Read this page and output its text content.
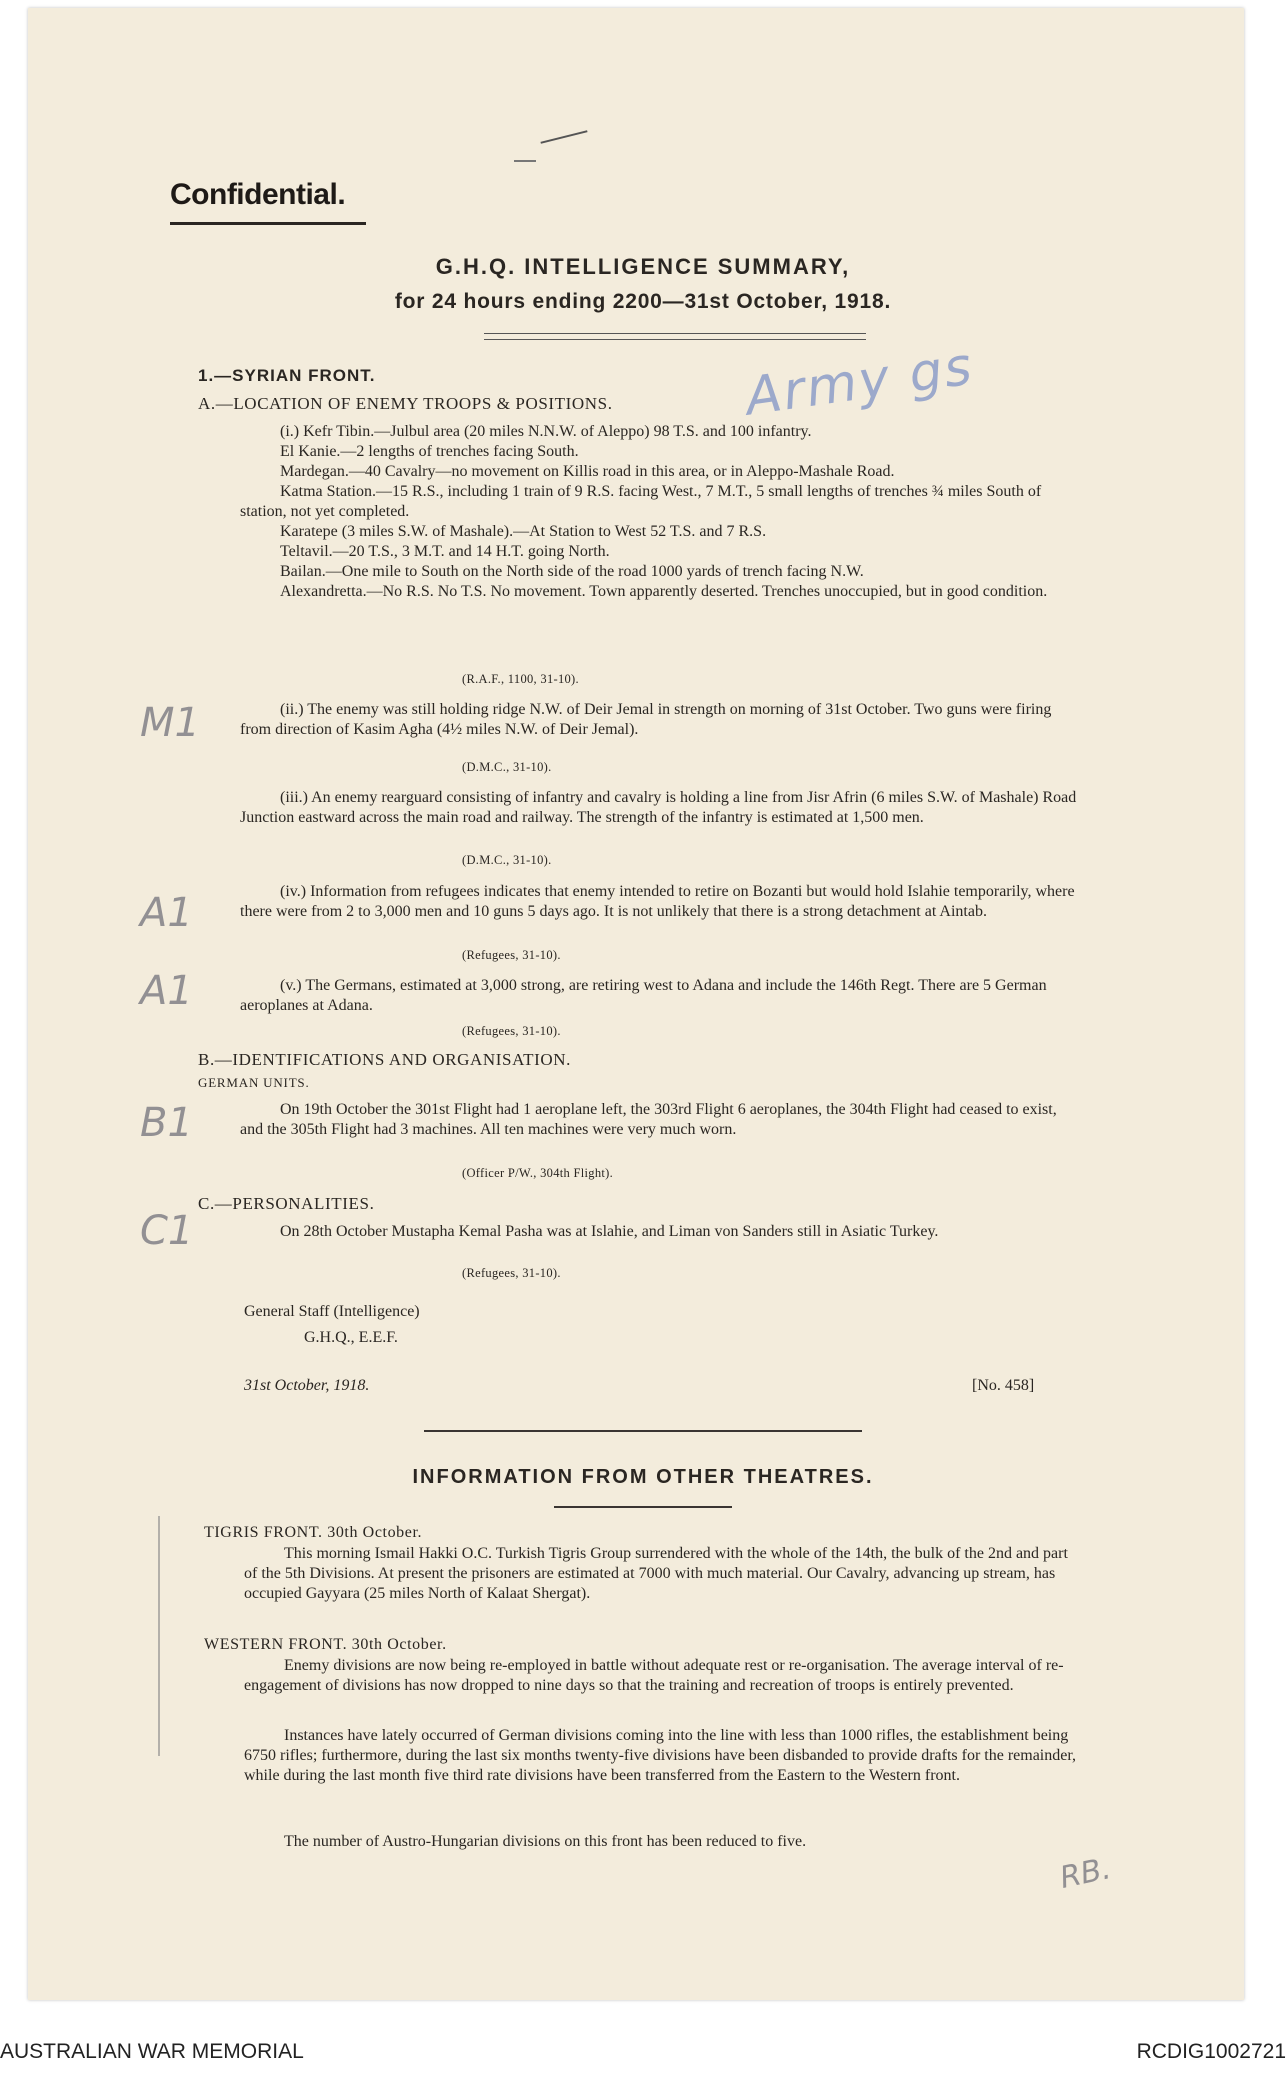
Confidential.
G.H.Q. INTELLIGENCE SUMMARY,
for 24 hours ending 2200—31st October, 1918.
Army gs
1.—SYRIAN FRONT.
A.—LOCATION OF ENEMY TROOPS & POSITIONS.
(i.) Kefr Tibin.—Julbul area (20 miles N.N.W. of Aleppo) 98 T.S. and 100 infantry.
El Kanie.—2 lengths of trenches facing South.
Mardegan.—40 Cavalry—no movement on Killis road in this area, or in Aleppo-Mashale Road.
Katma Station.—15 R.S., including 1 train of 9 R.S. facing West., 7 M.T., 5 small lengths of trenches ¾ miles South of station, not yet completed.
Karatepe (3 miles S.W. of Mashale).—At Station to West 52 T.S. and 7 R.S.
Teltavil.—20 T.S., 3 M.T. and 14 H.T. going North.
Bailan.—One mile to South on the North side of the road 1000 yards of trench facing N.W.
Alexandretta.—No R.S. No T.S. No movement. Town apparently deserted. Trenches unoccupied, but in good condition.
(R.A.F., 1100, 31-10).
M1	(ii.) The enemy was still holding ridge N.W. of Deir Jemal in strength on morning of 31st October. Two guns were firing from direction of Kasim Agha (4½ miles N.W. of Deir Jemal).
(D.M.C., 31-10).
(iii.) An enemy rearguard consisting of infantry and cavalry is holding a line from Jisr Afrin (6 miles S.W. of Mashale) Road Junction eastward across the main road and railway. The strength of the infantry is estimated at 1,500 men.
(D.M.C., 31-10).
A1	(iv.) Information from refugees indicates that enemy intended to retire on Bozanti but would hold Islahie temporarily, where there were from 2 to 3,000 men and 10 guns 5 days ago. It is not unlikely that there is a strong detachment at Aintab.
(Refugees, 31-10).
A1	(v.) The Germans, estimated at 3,000 strong, are retiring west to Adana and include the 146th Regt. There are 5 German aeroplanes at Adana.
(Refugees, 31-10).
B.—IDENTIFICATIONS AND ORGANISATION.
GERMAN UNITS.
B1	On 19th October the 301st Flight had 1 aeroplane left, the 303rd Flight 6 aeroplanes, the 304th Flight had ceased to exist, and the 305th Flight had 3 machines. All ten machines were very much worn.
(Officer P/W., 304th Flight).
C.—PERSONALITIES.
C1	On 28th October Mustapha Kemal Pasha was at Islahie, and Liman von Sanders still in Asiatic Turkey.
(Refugees, 31-10).
General Staff (Intelligence)
G.H.Q., E.E.F.
31st October, 1918.	[No. 458]
INFORMATION FROM OTHER THEATRES.
TIGRIS FRONT. 30th October.
This morning Ismail Hakki O.C. Turkish Tigris Group surrendered with the whole of the 14th, the bulk of the 2nd and part of the 5th Divisions. At present the prisoners are estimated at 7000 with much material. Our Cavalry, advancing up stream, has occupied Gayyara (25 miles North of Kalaat Shergat).
WESTERN FRONT. 30th October.
Enemy divisions are now being re-employed in battle without adequate rest or re-organisation. The average interval of re-engagement of divisions has now dropped to nine days so that the training and recreation of troops is entirely prevented.
Instances have lately occurred of German divisions coming into the line with less than 1000 rifles, the establishment being 6750 rifles; furthermore, during the last six months twenty-five divisions have been disbanded to provide drafts for the remainder, while during the last month five third rate divisions have been transferred from the Eastern to the Western front.
The number of Austro-Hungarian divisions on this front has been reduced to five.
RB.
AUSTRALIAN WAR MEMORIAL	RCDIG1002721
